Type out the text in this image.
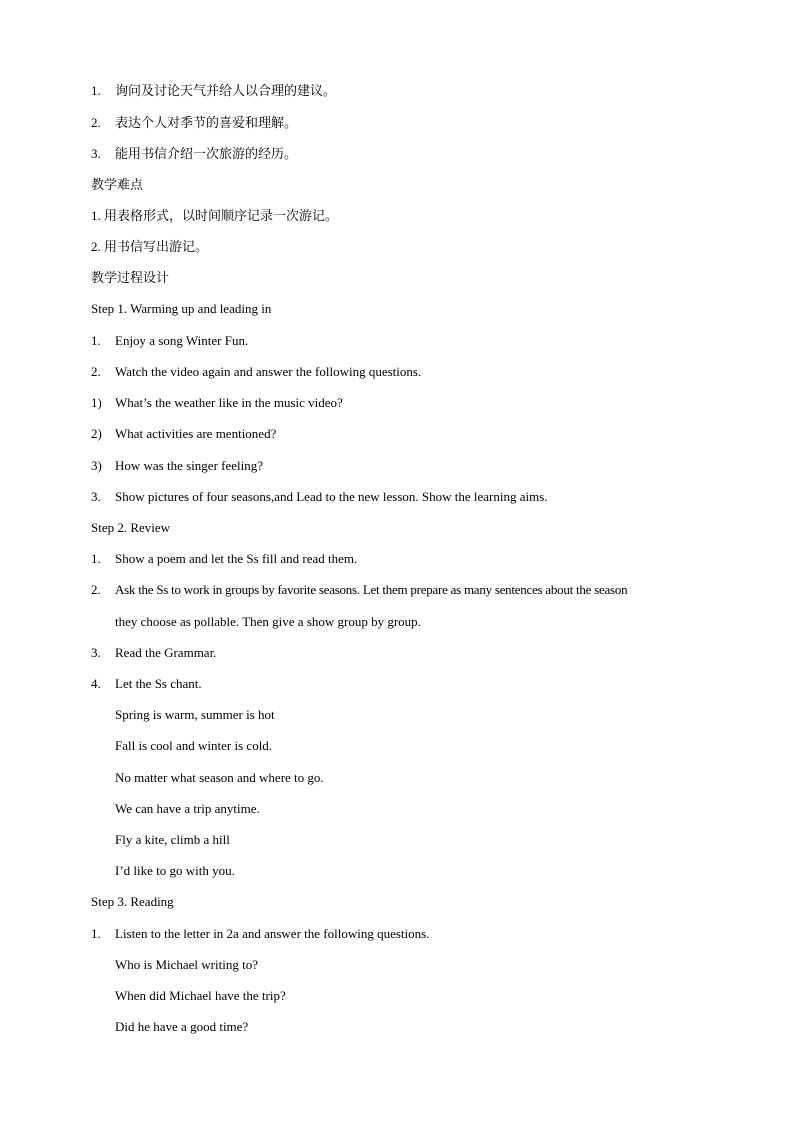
1. 询问及讨论天气并给人以合理的建议。
2. 表达个人对季节的喜爱和理解。
3. 能用书信介绍一次旅游的经历。
教学难点
1. 用表格形式，以时间顺序记录一次游记。
2. 用书信写出游记。
教学过程设计
Step 1. Warming up and leading in
1. Enjoy a song Winter Fun.
2. Watch the video again and answer the following questions.
1) What’s the weather like in the music video?
2) What activities are mentioned?
3) How was the singer feeling?
3. Show pictures of four seasons,and Lead to the new lesson. Show the learning aims.
Step 2. Review
1. Show a poem and let the Ss fill and read them.
2. Ask the Ss to work in groups by favorite seasons. Let them prepare as many sentences about the season
they choose as pollable. Then give a show group by group.
3. Read the Grammar.
4. Let the Ss chant.
Spring is warm, summer is hot
Fall is cool and winter is cold.
No matter what season and where to go.
We can have a trip anytime.
Fly a kite, climb a hill
I’d like to go with you.
Step 3. Reading
1. Listen to the letter in 2a and answer the following questions.
Who is Michael writing to?
When did Michael have the trip?
Did he have a good time?
